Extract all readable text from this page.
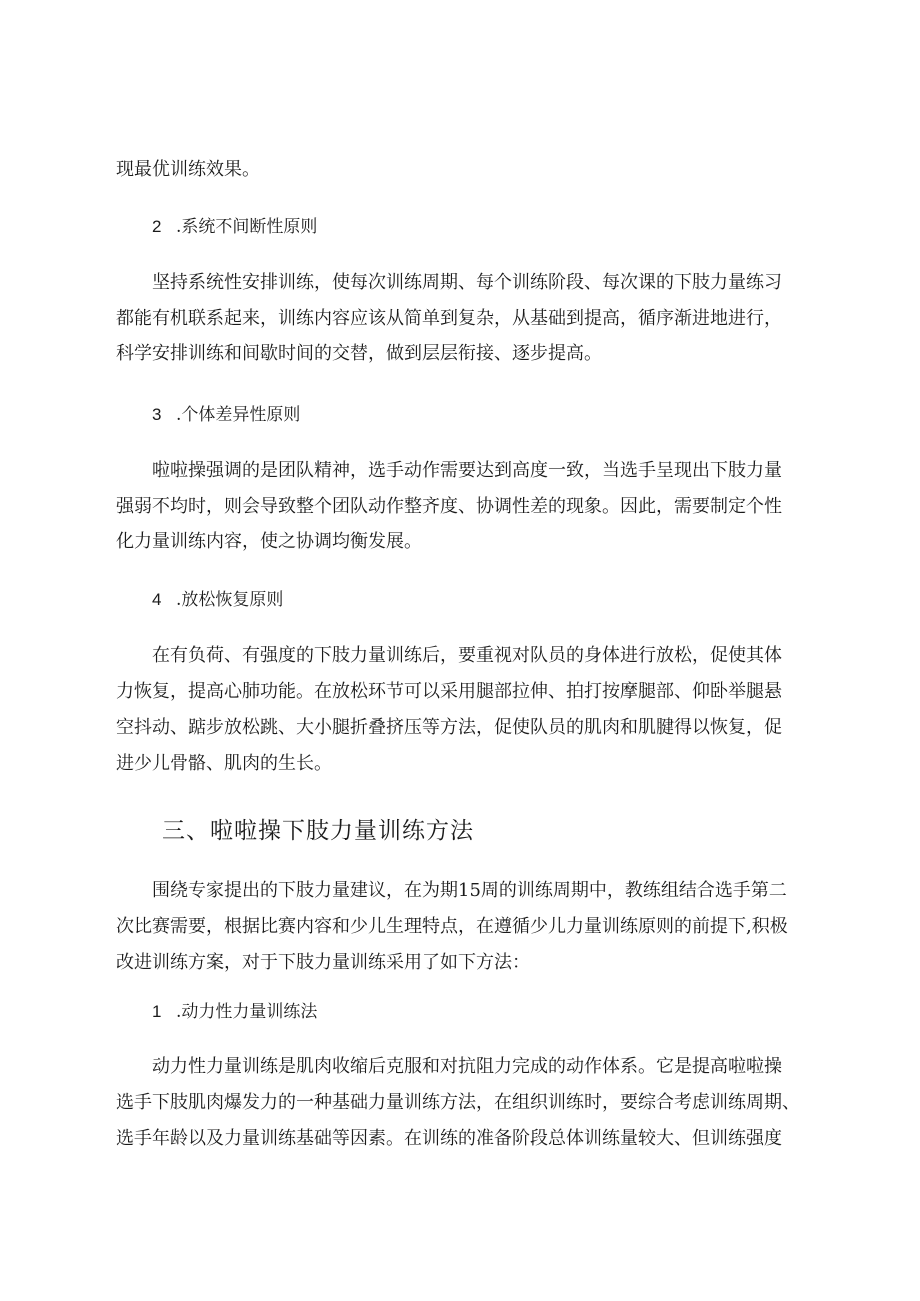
现最优训练效果。
2 .系统不间断性原则
坚持系统性安排训练，使每次训练周期、每个训练阶段、每次课的下肢力量练习
都能有机联系起来，训练内容应该从简单到复杂，从基础到提高，循序渐进地进行，
科学安排训练和间歇时间的交替，做到层层衔接、逐步提高。
3 .个体差异性原则
啦啦操强调的是团队精神，选手动作需要达到高度一致，当选手呈现出下肢力量
强弱不均时，则会导致整个团队动作整齐度、协调性差的现象。因此，需要制定个性
化力量训练内容，使之协调均衡发展。
4 .放松恢复原则
在有负荷、有强度的下肢力量训练后，要重视对队员的身体进行放松，促使其体
力恢复，提高心肺功能。在放松环节可以采用腿部拉伸、拍打按摩腿部、仰卧举腿悬
空抖动、踮步放松跳、大小腿折叠挤压等方法，促使队员的肌肉和肌腱得以恢复，促
进少儿骨骼、肌肉的生长。
三、啦啦操下肢力量训练方法
围绕专家提出的下肢力量建议，在为期15周的训练周期中，教练组结合选手第二
次比赛需要，根据比赛内容和少儿生理特点，在遵循少儿力量训练原则的前提下,积极
改进训练方案，对于下肢力量训练采用了如下方法：
1 .动力性力量训练法
动力性力量训练是肌肉收缩后克服和对抗阻力完成的动作体系。它是提高啦啦操
选手下肢肌肉爆发力的一种基础力量训练方法，在组织训练时，要综合考虑训练周期、
选手年龄以及力量训练基础等因素。在训练的准备阶段总体训练量较大、但训练强度
